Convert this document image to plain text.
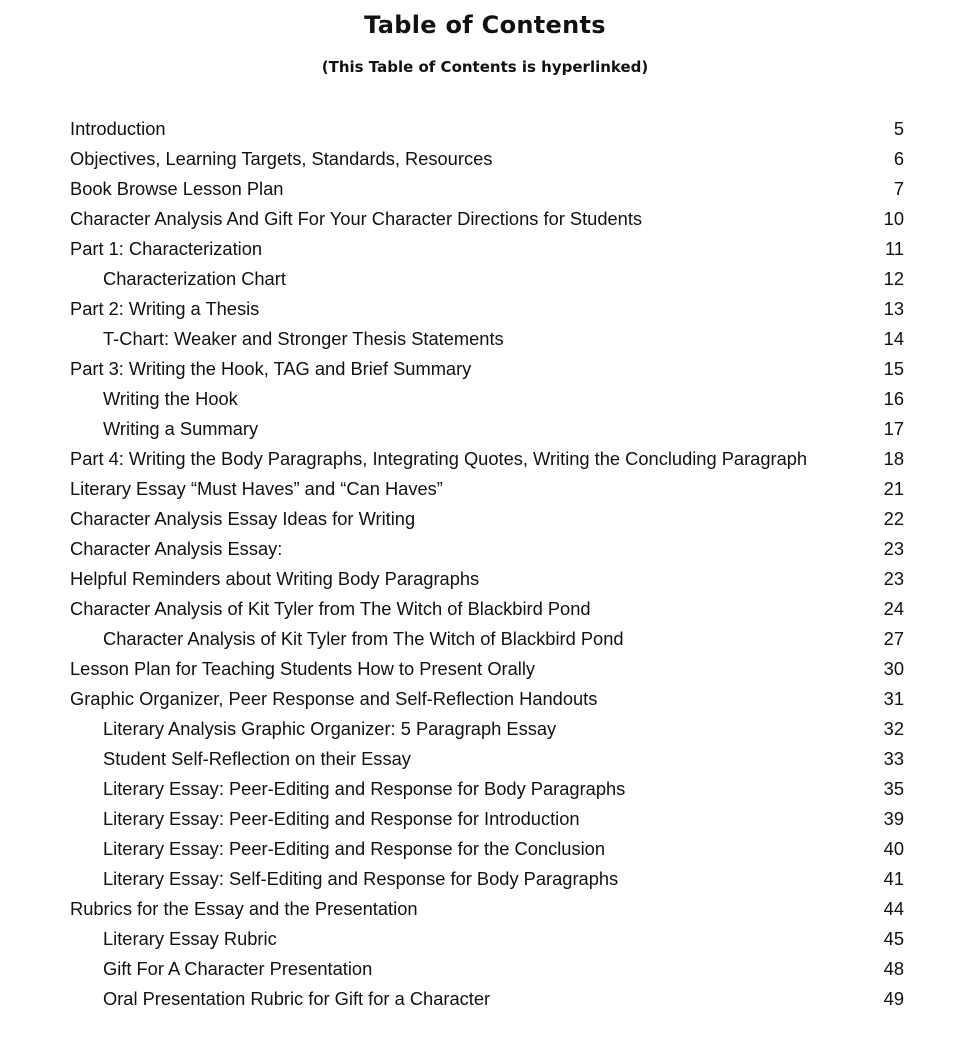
Table of Contents
(This Table of Contents is hyperlinked)
Introduction	5
Objectives, Learning Targets, Standards, Resources	6
Book Browse Lesson Plan	7
Character Analysis And Gift For Your Character Directions for Students	10
Part 1: Characterization	11
Characterization Chart	12
Part 2: Writing a Thesis	13
T-Chart: Weaker and Stronger Thesis Statements	14
Part 3: Writing the Hook, TAG and Brief Summary	15
Writing the Hook	16
Writing a Summary	17
Part 4: Writing the Body Paragraphs, Integrating Quotes, Writing the Concluding Paragraph	18
Literary Essay “Must Haves” and “Can Haves”	21
Character Analysis Essay Ideas for Writing	22
Character Analysis Essay:	23
Helpful Reminders about Writing Body Paragraphs	23
Character Analysis of Kit Tyler from The Witch of Blackbird Pond	24
Character Analysis of Kit Tyler from The Witch of Blackbird Pond	27
Lesson Plan for Teaching Students How to Present Orally	30
Graphic Organizer, Peer Response and Self-Reflection Handouts	31
Literary Analysis Graphic Organizer: 5 Paragraph Essay	32
Student Self-Reflection on their Essay	33
Literary Essay: Peer-Editing and Response for Body Paragraphs	35
Literary Essay: Peer-Editing and Response for Introduction	39
Literary Essay: Peer-Editing and Response for the Conclusion	40
Literary Essay: Self-Editing and Response for Body Paragraphs	41
Rubrics for the Essay and the Presentation	44
Literary Essay Rubric	45
Gift For A Character Presentation	48
Oral Presentation Rubric for Gift for a Character	49
